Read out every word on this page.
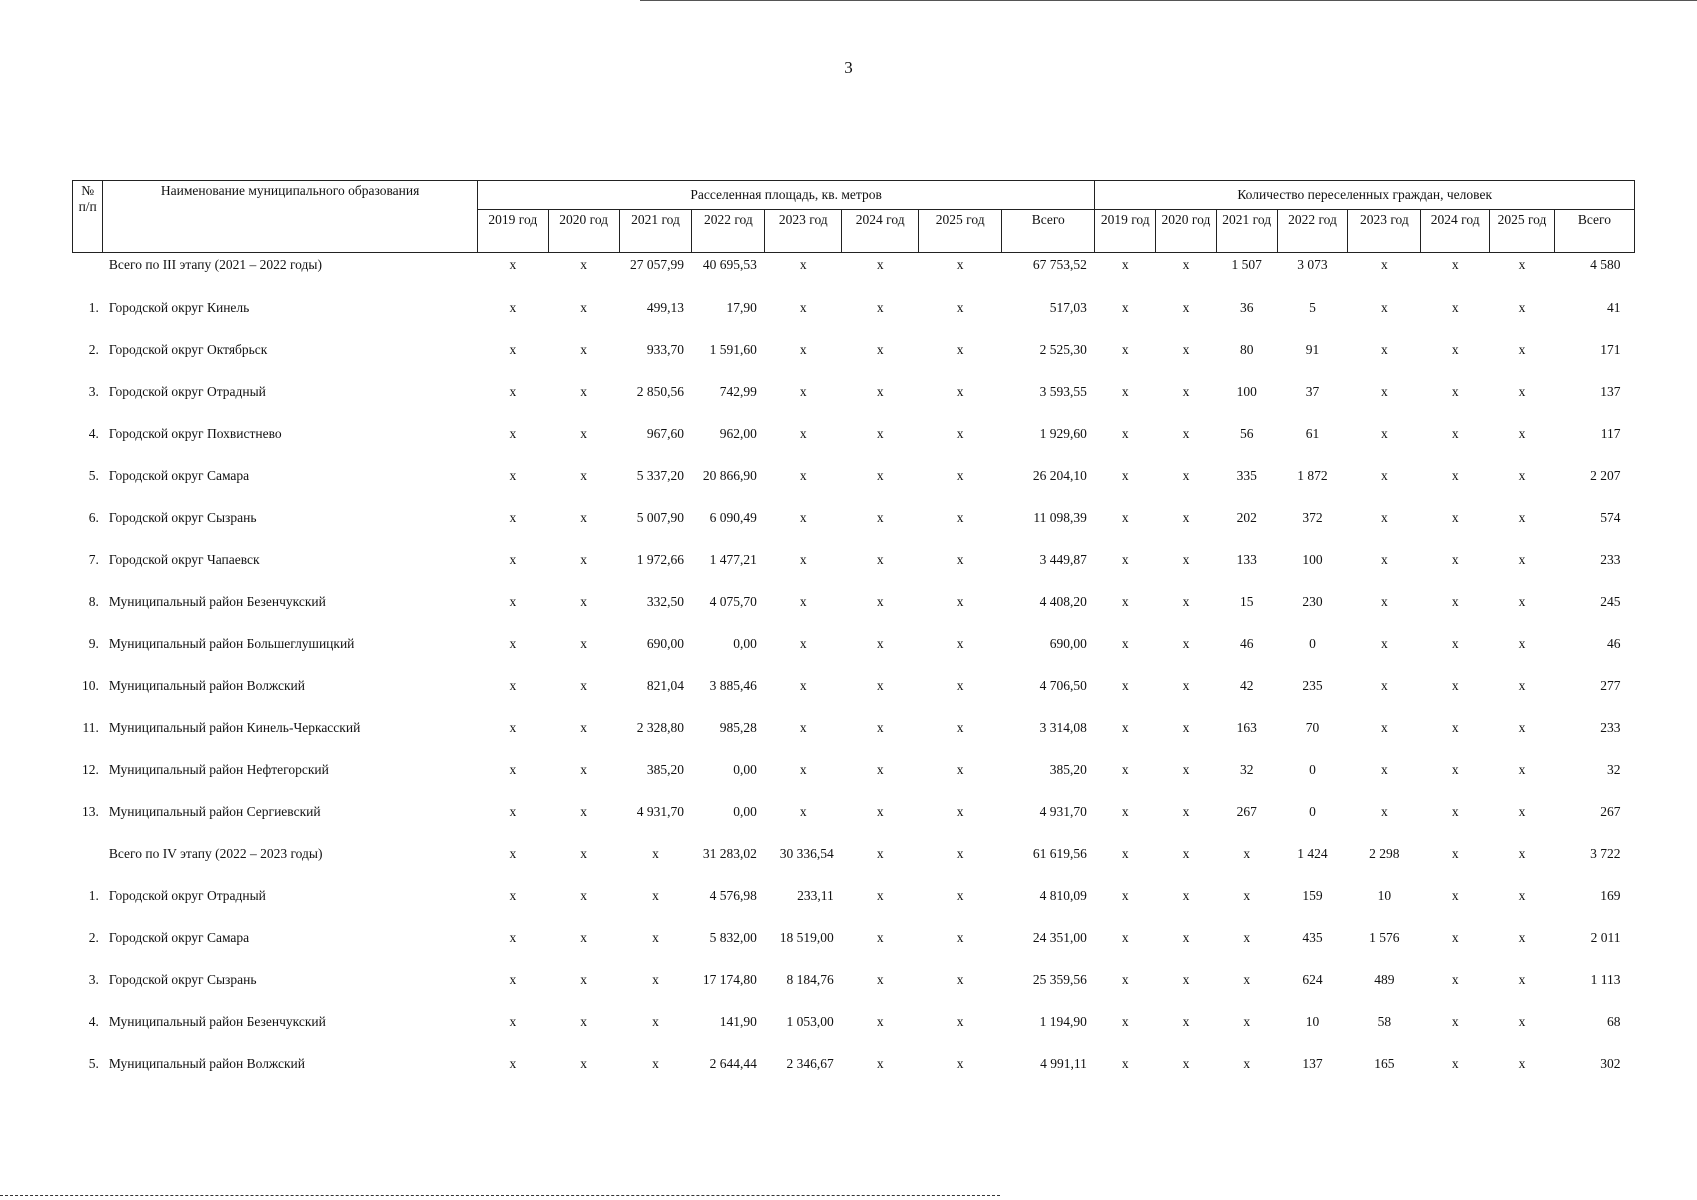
3
№ п/п	Наименование муниципального образования	Расселенная площадь, кв. метров								Количество переселенных граждан, человек							
		2019 год	2020 год	2021 год	2022 год	2023 год	2024 год	2025 год	Всего	2019 год	2020 год	2021 год	2022 год	2023 год	2024 год	2025 год	Всего
	Всего по III этапу (2021 – 2022 годы)	x	x	27 057,99	40 695,53	x	x	x	67 753,52	x	x	1 507	3 073	x	x	x	4 580
1.	Городской округ Кинель	x	x	499,13	17,90	x	x	x	517,03	x	x	36	5	x	x	x	41
2.	Городской округ Октябрьск	x	x	933,70	1 591,60	x	x	x	2 525,30	x	x	80	91	x	x	x	171
3.	Городской округ Отрадный	x	x	2 850,56	742,99	x	x	x	3 593,55	x	x	100	37	x	x	x	137
4.	Городской округ Похвистнево	x	x	967,60	962,00	x	x	x	1 929,60	x	x	56	61	x	x	x	117
5.	Городской округ Самара	x	x	5 337,20	20 866,90	x	x	x	26 204,10	x	x	335	1 872	x	x	x	2 207
6.	Городской округ Сызрань	x	x	5 007,90	6 090,49	x	x	x	11 098,39	x	x	202	372	x	x	x	574
7.	Городской округ Чапаевск	x	x	1 972,66	1 477,21	x	x	x	3 449,87	x	x	133	100	x	x	x	233
8.	Муниципальный район Безенчукский	x	x	332,50	4 075,70	x	x	x	4 408,20	x	x	15	230	x	x	x	245
9.	Муниципальный район Большеглушицкий	x	x	690,00	0,00	x	x	x	690,00	x	x	46	0	x	x	x	46
10.	Муниципальный район Волжский	x	x	821,04	3 885,46	x	x	x	4 706,50	x	x	42	235	x	x	x	277
11.	Муниципальный район Кинель-Черкасский	x	x	2 328,80	985,28	x	x	x	3 314,08	x	x	163	70	x	x	x	233
12.	Муниципальный район Нефтегорский	x	x	385,20	0,00	x	x	x	385,20	x	x	32	0	x	x	x	32
13.	Муниципальный район Сергиевский	x	x	4 931,70	0,00	x	x	x	4 931,70	x	x	267	0	x	x	x	267
	Всего по IV этапу (2022 – 2023 годы)	x	x	x	31 283,02	30 336,54	x	x	61 619,56	x	x	x	1 424	2 298	x	x	3 722
1.	Городской округ Отрадный	x	x	x	4 576,98	233,11	x	x	4 810,09	x	x	x	159	10	x	x	169
2.	Городской округ Самара	x	x	x	5 832,00	18 519,00	x	x	24 351,00	x	x	x	435	1 576	x	x	2 011
3.	Городской округ Сызрань	x	x	x	17 174,80	8 184,76	x	x	25 359,56	x	x	x	624	489	x	x	1 113
4.	Муниципальный район Безенчукский	x	x	x	141,90	1 053,00	x	x	1 194,90	x	x	x	10	58	x	x	68
5.	Муниципальный район Волжский	x	x	x	2 644,44	2 346,67	x	x	4 991,11	x	x	x	137	165	x	x	302
